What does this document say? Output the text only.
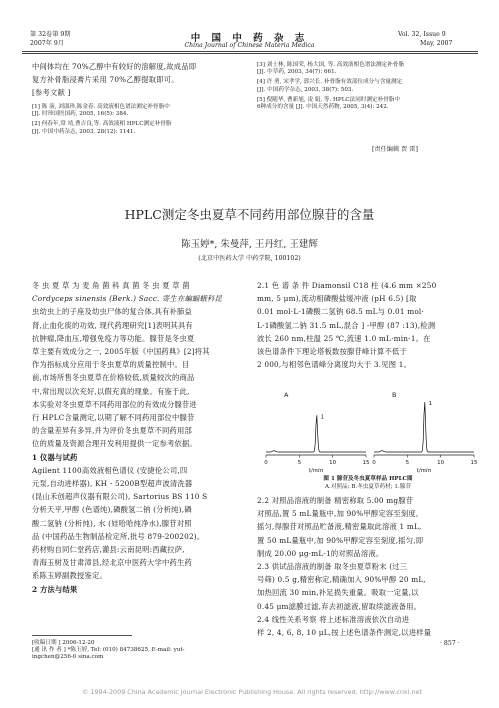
第 32卷第 9期
2007年 9月	中 国 中 药 杂 志
China Journal of Chinese Materia Medica
Vol. 32, Issue 9
May, 2007
中间体均在 70%乙醇中有较好的溶解度,故成品即
复方补骨脂浸膏片采用 70%乙醇提取即可。
[参考文献 ]
[1] 陈 演, 刘淑珍,陈金春. 高效液相色谱法测定补骨脂中
[J]. 时珍国医国药, 2005, 16(5): 384.
[2] 何春年,常 靖,曹吉良,等. 高效液相 HPLC测定补骨脂
[J]. 中国中药杂志, 2003, 28(12): 1141.
[3] 刘士林, 陈国荣, 杨大国, 等. 高效液相色谱法测定补骨脂
[J]. 中草药, 2003, 34(7): 661.
[4] 许 勇, 宋孝学, 郭兴长. 补骨脂有效部位成分与含量测定
[J]. 中国药学杂志, 2003, 38(7): 503.
[5] 倪随华, 曹新旭, 凌 娟, 等. HPLC法同时测定补骨脂中
6种成分的含量 [J]. 中国天然药物, 2005, 3(4): 242.
[责任编辑 贾 雷]
HPLC测定冬虫夏草不同药用部位腺苷的含量
陈玉婷*, 朱曼萍, 王丹红, 王建辉
(北京中医药大学 中药学院, 100102)
冬 虫 夏 草 为 麦 角 菌 科 真 菌 冬 虫 夏 草 菌
Cordyceps sinensis (Berk.) Sacc. 寄生在蝙蝠蛾科昆
虫幼虫上的子座及幼虫尸体的复合体,具有补肺益
肾,止血化痰的功效, 现代药理研究[1]表明其具有
抗肿瘤,降血压,增强免疫力等功能。腺苷是冬虫夏
草主要有效成分之一, 2005年版《中国药典》[2]将其
作为指标成分应用于冬虫夏草的质量控制中。目
前,市场所售冬虫夏草在价格较低,质量较次的商品
中,常出现以次充好,以假充真的现象。有鉴于此,
本实验对冬虫夏草不同药用部位的有效成分腺苷进
行 HPLC含量测定,以期了解不同药用部位中腺苷
的含量差异有多异,并为评价冬虫夏草不同药用部
位的质量及资源合理开发利用提供一定参考依据。
1 仪器与试药
Agilent 1100高效液相色谱仪 (安捷伦公司,四
元泵,自动进样器), KH - 5200B型超声波清洗器
(昆山禾创超声仪器有限公司), Sartorius BS 110 S
分析天平,甲醇 (色谱纯),磷酸氢二钠 (分析纯),磷
酸二氢钠 (分析纯), 水 (娃哈哈纯净水),腺苷对照
品 (中国药品生物制品检定所,批号 879-200202)。
药材购自同仁堂药店,灌县:云南昆明:西藏拉萨,
青海玉树及甘肃漳县,经北京中医药大学中药生药
系陈玉婷副教授鉴定。
2 方法与结果
[收稿日期 ] 2006-12-20
[通 讯 作 者 ] *陈玉婷, Tel: (010) 84738625, E-mail: yut-
ingchen@256-0 sina.com
2.1 色 谱 条 件 Diamonsil C18 柱 (4.6 mm ×250
mm, 5 μm),流动相磷酸盐缓冲液 (pH 6.5) [取
0.01 mol·L-1磷酸二氢钠 68.5 mL与 0.01 mol·
L-1磷酸氢二钠 31.5 mL,混合 ] -甲醇 (87 :13),检测
波长 260 nm,柱温 25 ℃,流速 1.0 mL·min-1。在
该色谱条件下理论塔板数按腺苷峰计算不低于
2 000,与相邻色谱峰分离度均大于 3.见图 1。
0	5	10	15
t/min
A
1
0	5	10	15
t/min
B
1
图 1 腺苷及冬虫夏草样品 HPLC图
A.对照品; B.冬虫夏草药材; 1.腺苷
2.2 对照品溶液的制备 精密称取 5.00 mg腺苷
对照品,置 5 mL量瓶中,加 90%甲醇定容至刻度,
摇匀,得腺苷对照品贮备液,精密量取此溶液 1 mL,
置 50 mL量瓶中,加 90%甲醇定容至刻度,摇匀,即
制成 20.00 μg·mL-1的对照品溶液。
2.3 供试品溶液的制备 取冬虫夏草粉末 (过三
号筛) 0.5 g,精密称定,精确加入 90%甲醇 20 mL,
加热回流 30 min,补足损失重量。吸取一定量,以
0.45 μm滤膜过滤,弃去初滤液,留取续滤液备用。
2.4 线性关系考察 将上述标准溶液依次自动进
样 2, 4, 6, 8, 10 μL,按上述色谱条件测定,以进样量
· 857 ·
© 1994-2009 China Academic Journal Electronic Publishing House. All rights reserved. http://www.cnki.net
